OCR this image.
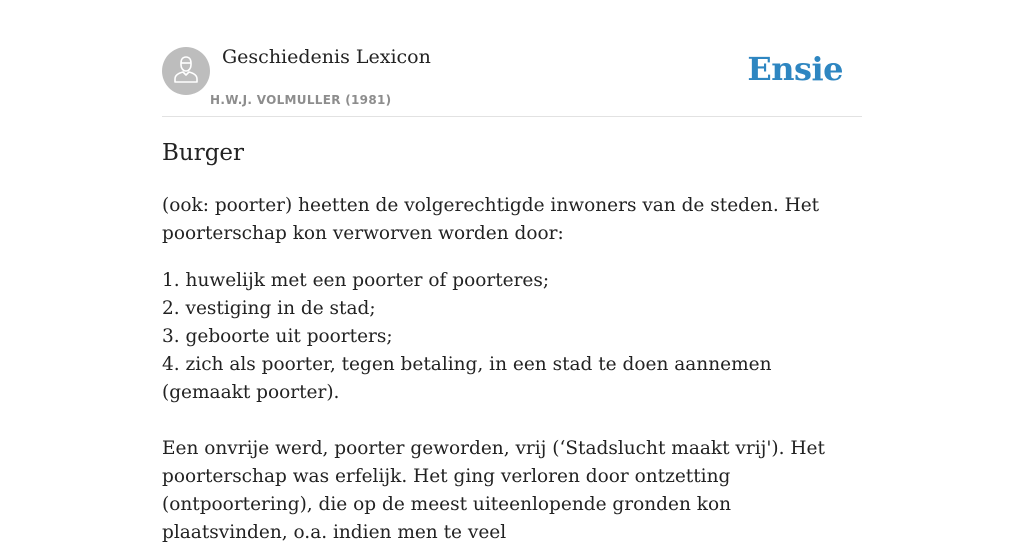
Geschiedenis Lexicon
H.W.J. VOLMULLER (1981)
Ensie
Burger

(ook: poorter) heetten de volgerechtigde inwoners van de steden. Het poorterschap kon verworven worden door:

1. huwelijk met een poorter of poorteres;
2. vestiging in de stad;
3. geboorte uit poorters;
4. zich als poorter, tegen betaling, in een stad te doen aannemen (gemaakt poorter).

Een onvrije werd, poorter geworden, vrij (‘Stadslucht maakt vrij'). Het poorterschap was erfelijk. Het ging verloren door ontzetting (ontpoortering), die op de meest uiteenlopende gronden kon plaatsvinden, o.a. indien men te veel
